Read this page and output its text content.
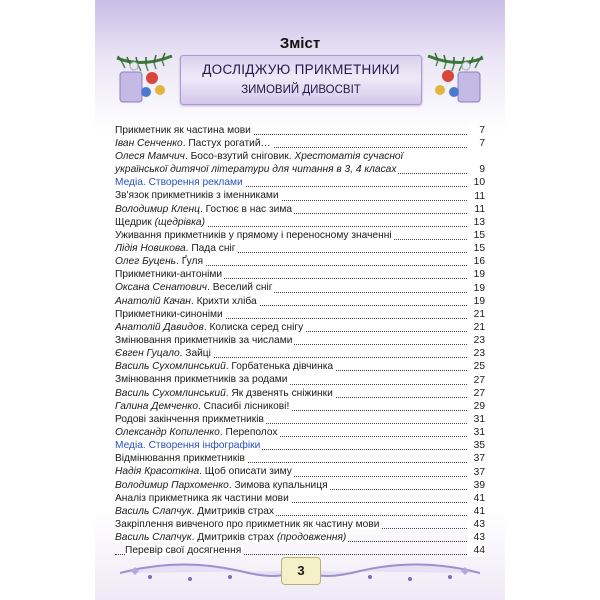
Зміст
ДОСЛІДЖУЮ ПРИКМЕТНИКИ
ЗИМОВИЙ ДИВОСВІТ
Прикметник як частина мови	7
Іван Сенченко. Пастух рогатий…	7
Олеся Мамчич. Босо-взутий сніговик. Хрестоматія сучасної української дитячої літератури для читання в 3, 4 класах	9
Медіа. Створення реклами	10
Зв'язок прикметників з іменниками	11
Володимир Кленц. Гостює в нас зима	11
Щедрик (щедрівка)	13
Уживання прикметників у прямому і переносному значенні	15
Лідія Новикова. Пада сніг	15
Олег Буцень. Ґуля	16
Прикметники-антоніми	19
Оксана Сенатович. Веселий сніг	19
Анатолій Качан. Крихти хліба	19
Прикметники-синоніми	21
Анатолій Давидов. Колиска серед снігу	21
Змінювання прикметників за числами	23
Євген Гуцало. Зайці	23
Василь Сухомлинський. Горбатенька дівчинка	25
Змінювання прикметників за родами	27
Василь Сухомлинський. Як дзвенять сніжинки	27
Галина Демченко. Спасибі лісникові!	29
Родові закінчення прикметників	31
Олександр Копиленко. Переполох	31
Медіа. Створення інфографіки	35
Відмінювання прикметників	37
Надія Красоткіна. Щоб описати зиму	37
Володимир Пархоменко. Зимова купальниця	39
Аналіз прикметника як частини мови	41
Василь Слапчук. Дмитриків страх	41
Закріплення вивченого про прикметник як частину мови	43
Василь Слапчук. Дмитриків страх (продовження)	43
Перевір свої досягнення	44
3
